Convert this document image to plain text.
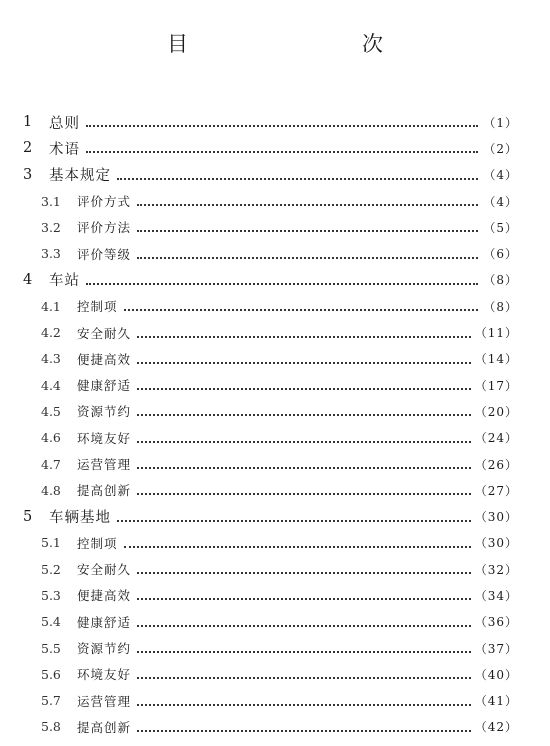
目　　次
1	总则	（1）
2	术语	（2）
3	基本规定	（4）
3.1	评价方式	（4）
3.2	评价方法	（5）
3.3	评价等级	（6）
4	车站	（8）
4.1	控制项	（8）
4.2	安全耐久	（11）
4.3	便捷高效	（14）
4.4	健康舒适	（17）
4.5	资源节约	（20）
4.6	环境友好	（24）
4.7	运营管理	（26）
4.8	提高创新	（27）
5	车辆基地	（30）
5.1	控制项	（30）
5.2	安全耐久	（32）
5.3	便捷高效	（34）
5.4	健康舒适	（36）
5.5	资源节约	（37）
5.6	环境友好	（40）
5.7	运营管理	（41）
5.8	提高创新	（42）
